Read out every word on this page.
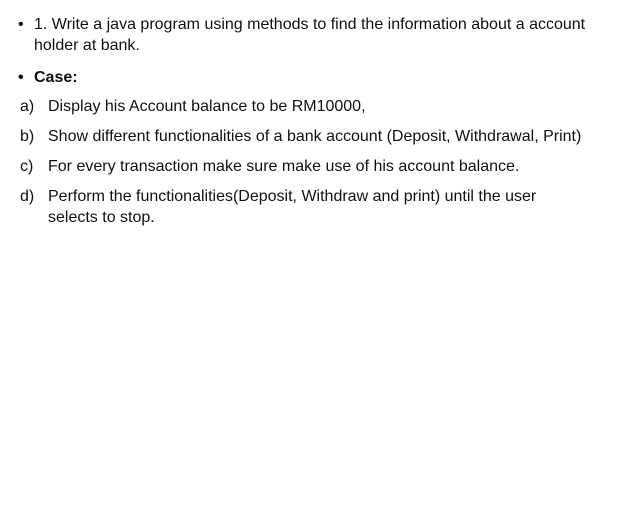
• 1. Write a java program using methods to find the information about a account holder at bank.
• Case:
a) Display his Account balance to be RM10000,
b) Show different functionalities of a bank account (Deposit, Withdrawal, Print)
c) For every transaction make sure make use of his account balance.
d) Perform the functionalities(Deposit, Withdraw and print) until the user selects to stop.
